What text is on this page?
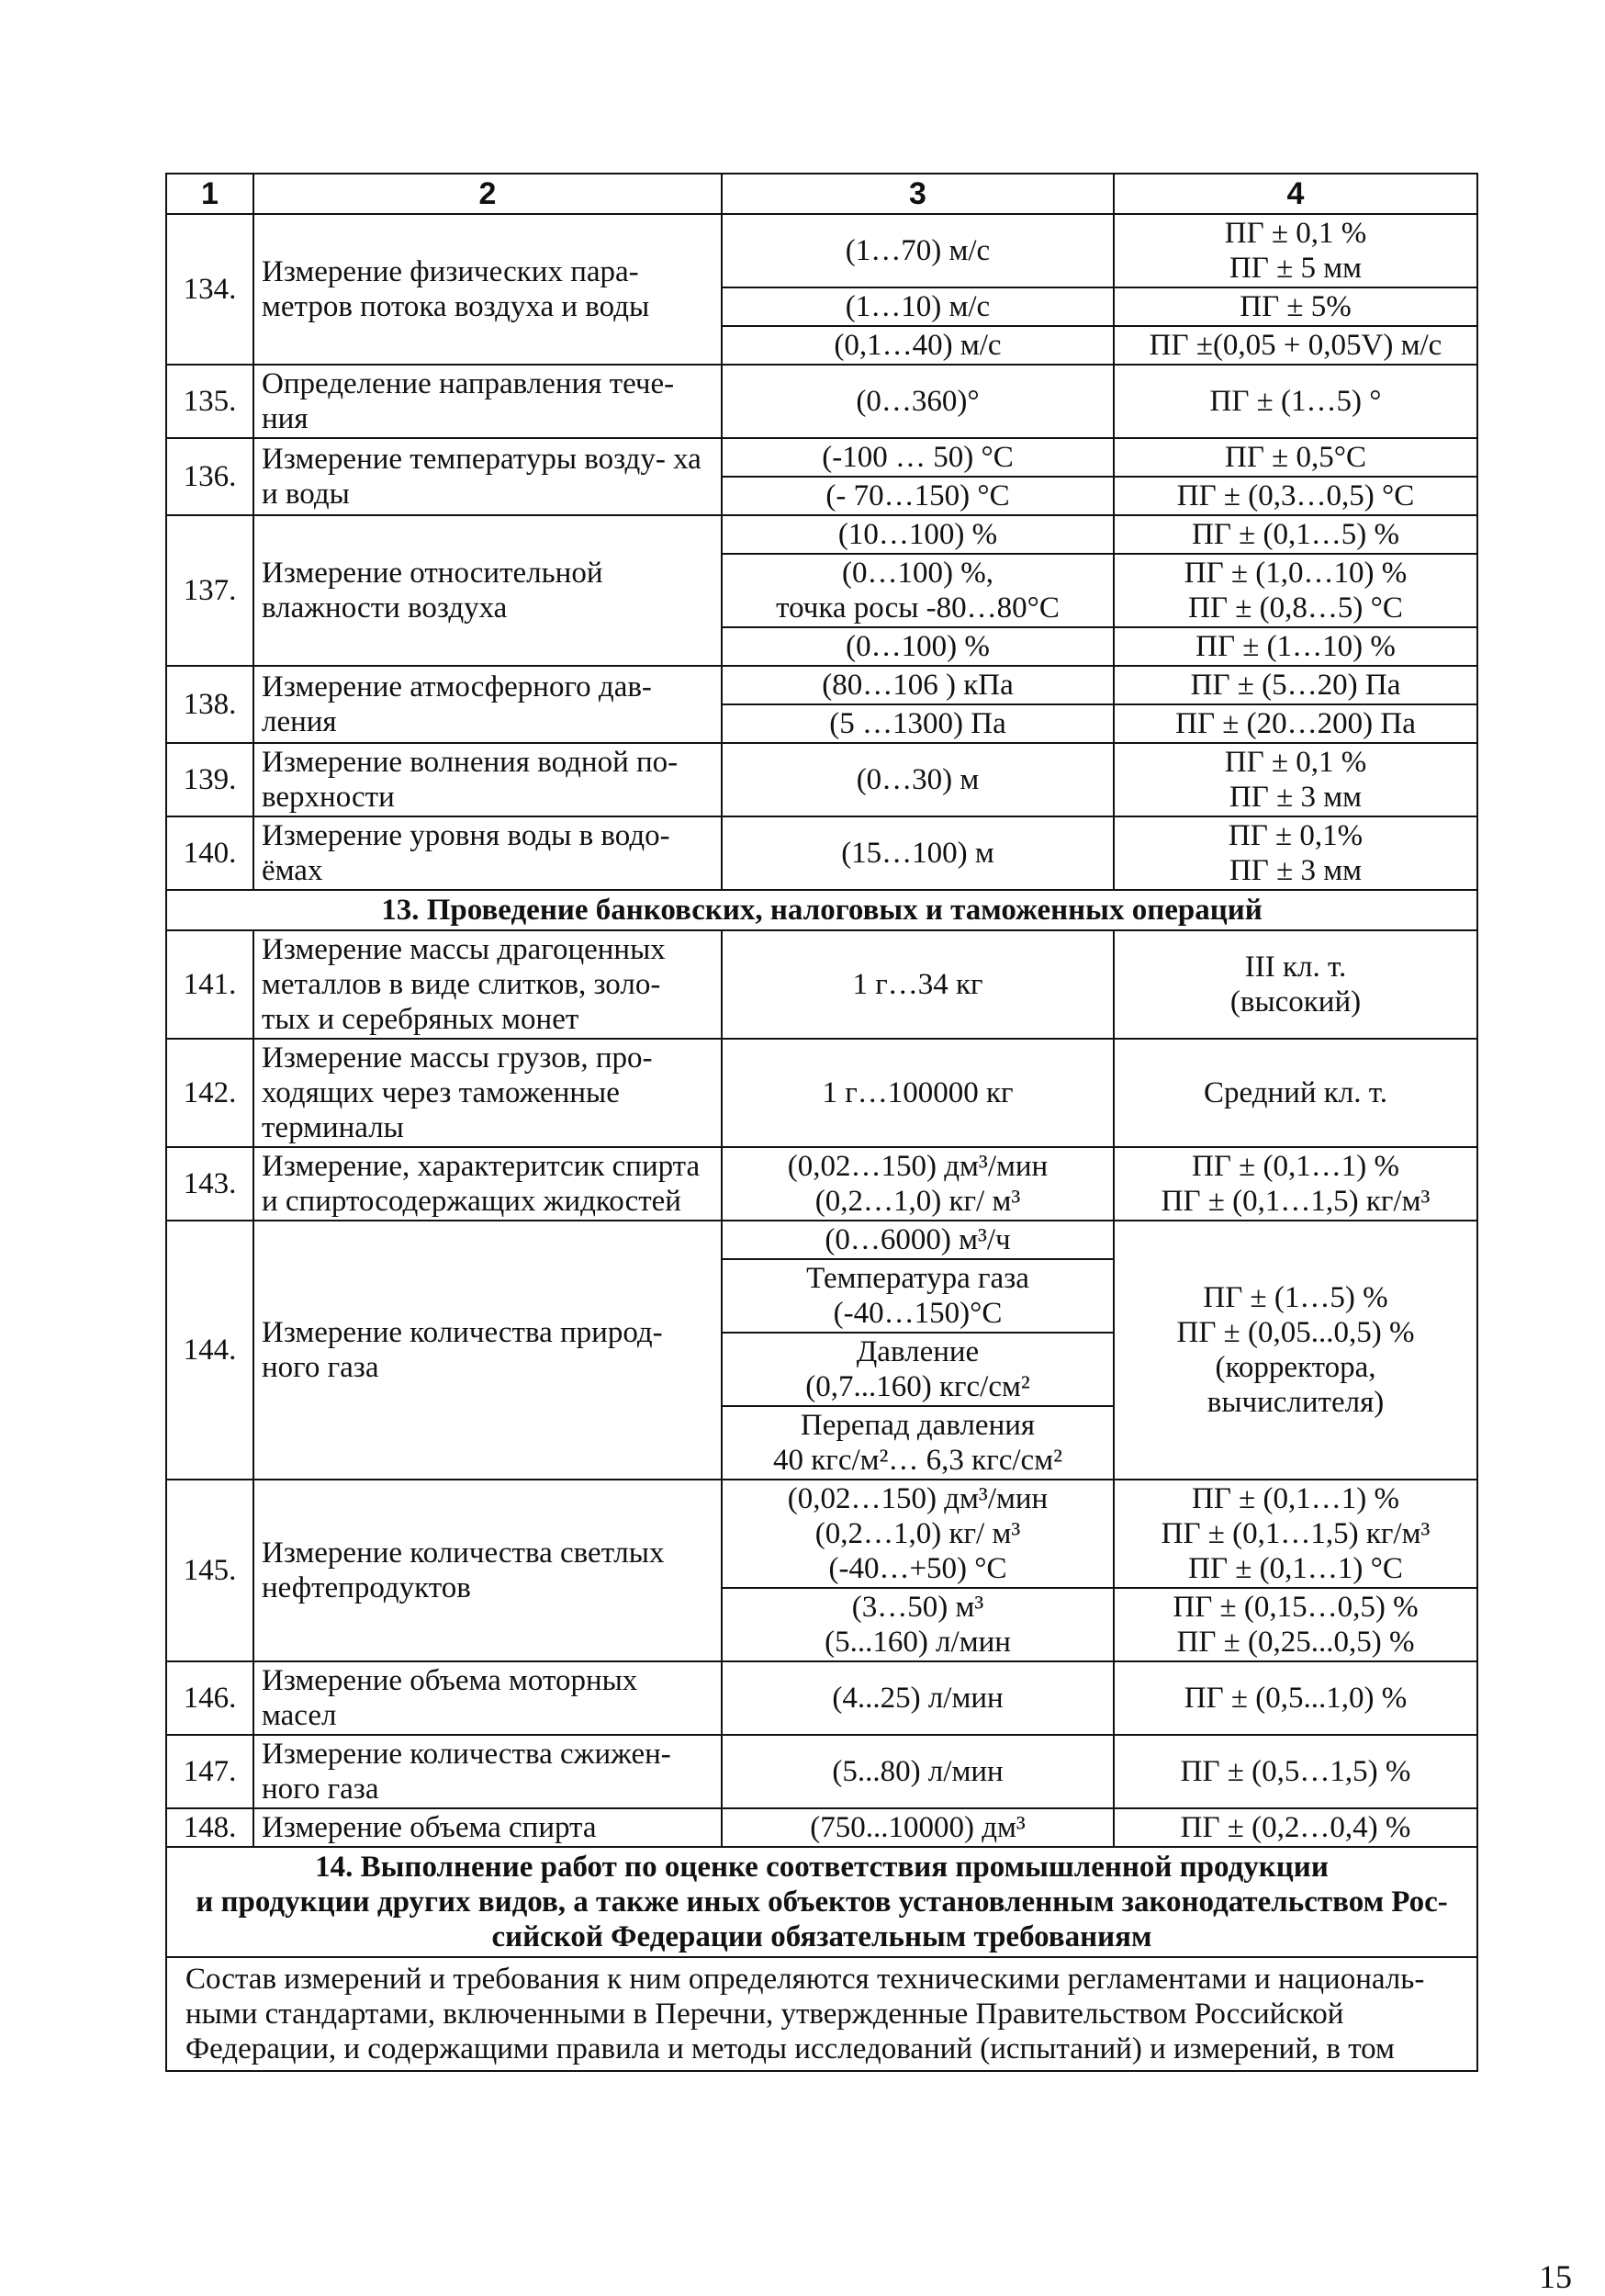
1	2	3	4

134.	Измерение физических пара- метров потока воздуха и воды	(1…70) м/с	ПГ ± 0,1 %
ПГ ± 5 мм

		(1…10) м/с	ПГ ± 5%

		(0,1…40) м/с	ПГ ±(0,05 + 0,05V) м/с

135.	Определение направления тече- ния	(0…360)°	ПГ ± (1…5) °

136.	Измерение температуры возду- ха и воды	(-100 … 50) °С	ПГ ± 0,5°С

		(- 70…150) °С	ПГ ± (0,3…0,5) °С

137.	Измерение относительной влажности воздуха	(10…100) %	ПГ ± (0,1…5) %

		(0…100) %,
точка росы -80…80°С	ПГ ± (1,0…10) %
ПГ ± (0,8…5) °С

		(0…100) %	ПГ ± (1…10) %

138.	Измерение атмосферного дав- ления	(80…106 ) кПа	ПГ ± (5…20) Па

		(5 …1300) Па	ПГ ± (20…200) Па

139.	Измерение волнения водной по- верхности	(0…30) м	ПГ ± 0,1 %
ПГ ± 3 мм

140.	Измерение уровня воды в водо- ёмах	(15…100) м	ПГ ± 0,1%
ПГ ± 3 мм

13. Проведение банковских, налоговых и таможенных операций			

141.	Измерение массы драгоценных металлов в виде слитков, золо- тых и серебряных монет	1 г…34 кг	III кл. т.
(высокий)

142.	Измерение массы грузов, про- ходящих через таможенные терминалы	1 г…100000 кг	Средний кл. т.

143.	Измерение, характеритсик спирта и спиртосодержащих жидкостей	(0,02…150) дм³/мин
(0,2…1,0) кг/ м³	ПГ ± (0,1…1) %
ПГ ± (0,1…1,5) кг/м³

144.	Измерение количества природ- ного газа	(0…6000) м³/ч	ПГ ± (1…5) %
ПГ ± (0,05...0,5) %
(корректора,
вычислителя)

		Температура газа
(-40…150)°С	

		Давление
(0,7...160) кгс/см²	

		Перепад давления
40 кгс/м²… 6,3 кгс/см²	

145.	Измерение количества светлых нефтепродуктов	(0,02…150) дм³/мин
(0,2…1,0) кг/ м³
(-40…+50) °С	ПГ ± (0,1…1) %
ПГ ± (0,1…1,5) кг/м³
ПГ ± (0,1…1) °С

		(3…50) м³
(5...160) л/мин	ПГ ± (0,15…0,5) %
ПГ ± (0,25...0,5) %

146.	Измерение объема моторных масел	(4...25) л/мин	ПГ ± (0,5...1,0) %

147.	Измерение количества сжижен- ного газа	(5...80) л/мин	ПГ ± (0,5…1,5) %

148.	Измерение объема спирта	(750...10000) дм³	ПГ ± (0,2…0,4) %

14. Выполнение работ по оценке соответствия промышленной продукции
и продукции других видов, а также иных объектов установленным законодательством Рос-
сийской Федерации обязательным требованиям			

Состав измерений и требования к ним определяются техническими регламентами и националь-
ными стандартами, включенными в Перечни, утвержденные Правительством Российской
Федерации, и содержащими правила и методы исследований (испытаний) и измерений, в том			
15
